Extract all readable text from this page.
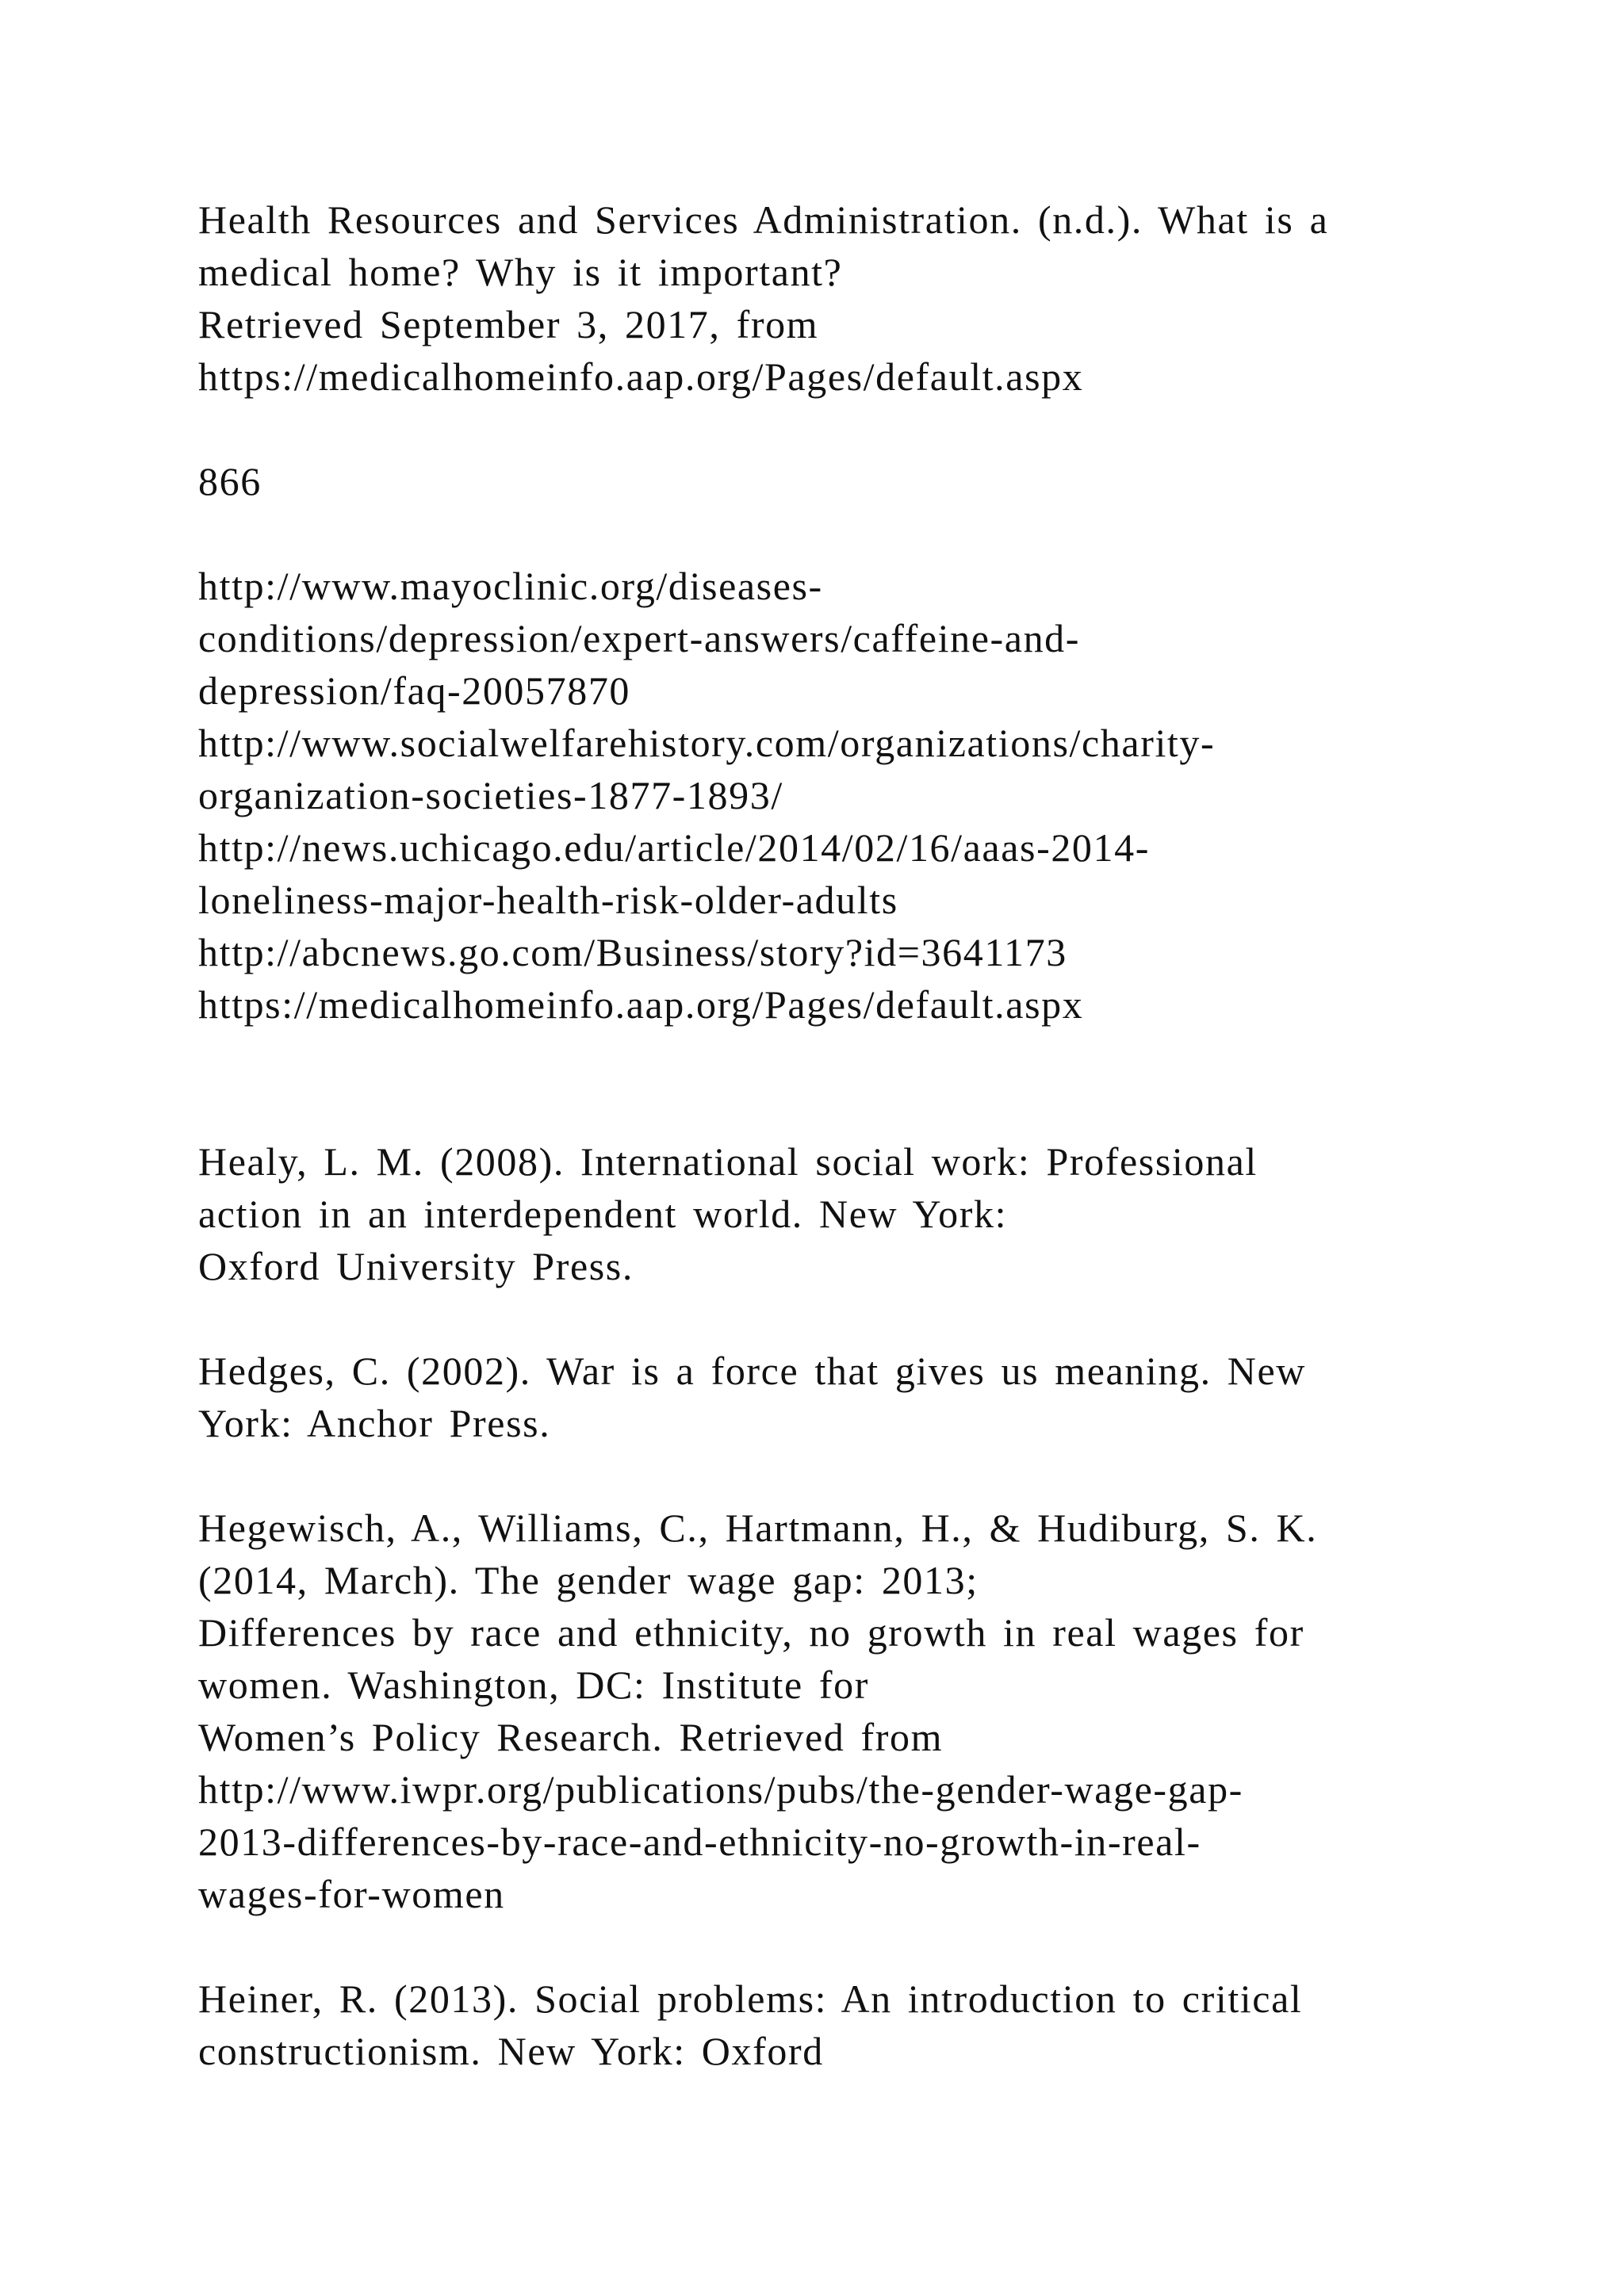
Health Resources and Services Administration. (n.d.). What is a
medical home? Why is it important?
Retrieved September 3, 2017, from
https://medicalhomeinfo.aap.org/Pages/default.aspx
866
http://www.mayoclinic.org/diseases-
conditions/depression/expert-answers/caffeine-and-
depression/faq-20057870
http://www.socialwelfarehistory.com/organizations/charity-
organization-societies-1877-1893/
http://news.uchicago.edu/article/2014/02/16/aaas-2014-
loneliness-major-health-risk-older-adults
http://abcnews.go.com/Business/story?id=3641173
https://medicalhomeinfo.aap.org/Pages/default.aspx
Healy, L. M. (2008). International social work: Professional
action in an interdependent world. New York:
Oxford University Press.
Hedges, C. (2002). War is a force that gives us meaning. New
York: Anchor Press.
Hegewisch, A., Williams, C., Hartmann, H., & Hudiburg, S. K.
(2014, March). The gender wage gap: 2013;
Differences by race and ethnicity, no growth in real wages for
women. Washington, DC: Institute for
Women’s Policy Research. Retrieved from
http://www.iwpr.org/publications/pubs/the-gender-wage-gap-
2013-differences-by-race-and-ethnicity-no-growth-in-real-
wages-for-women
Heiner, R. (2013). Social problems: An introduction to critical
constructionism. New York: Oxford
